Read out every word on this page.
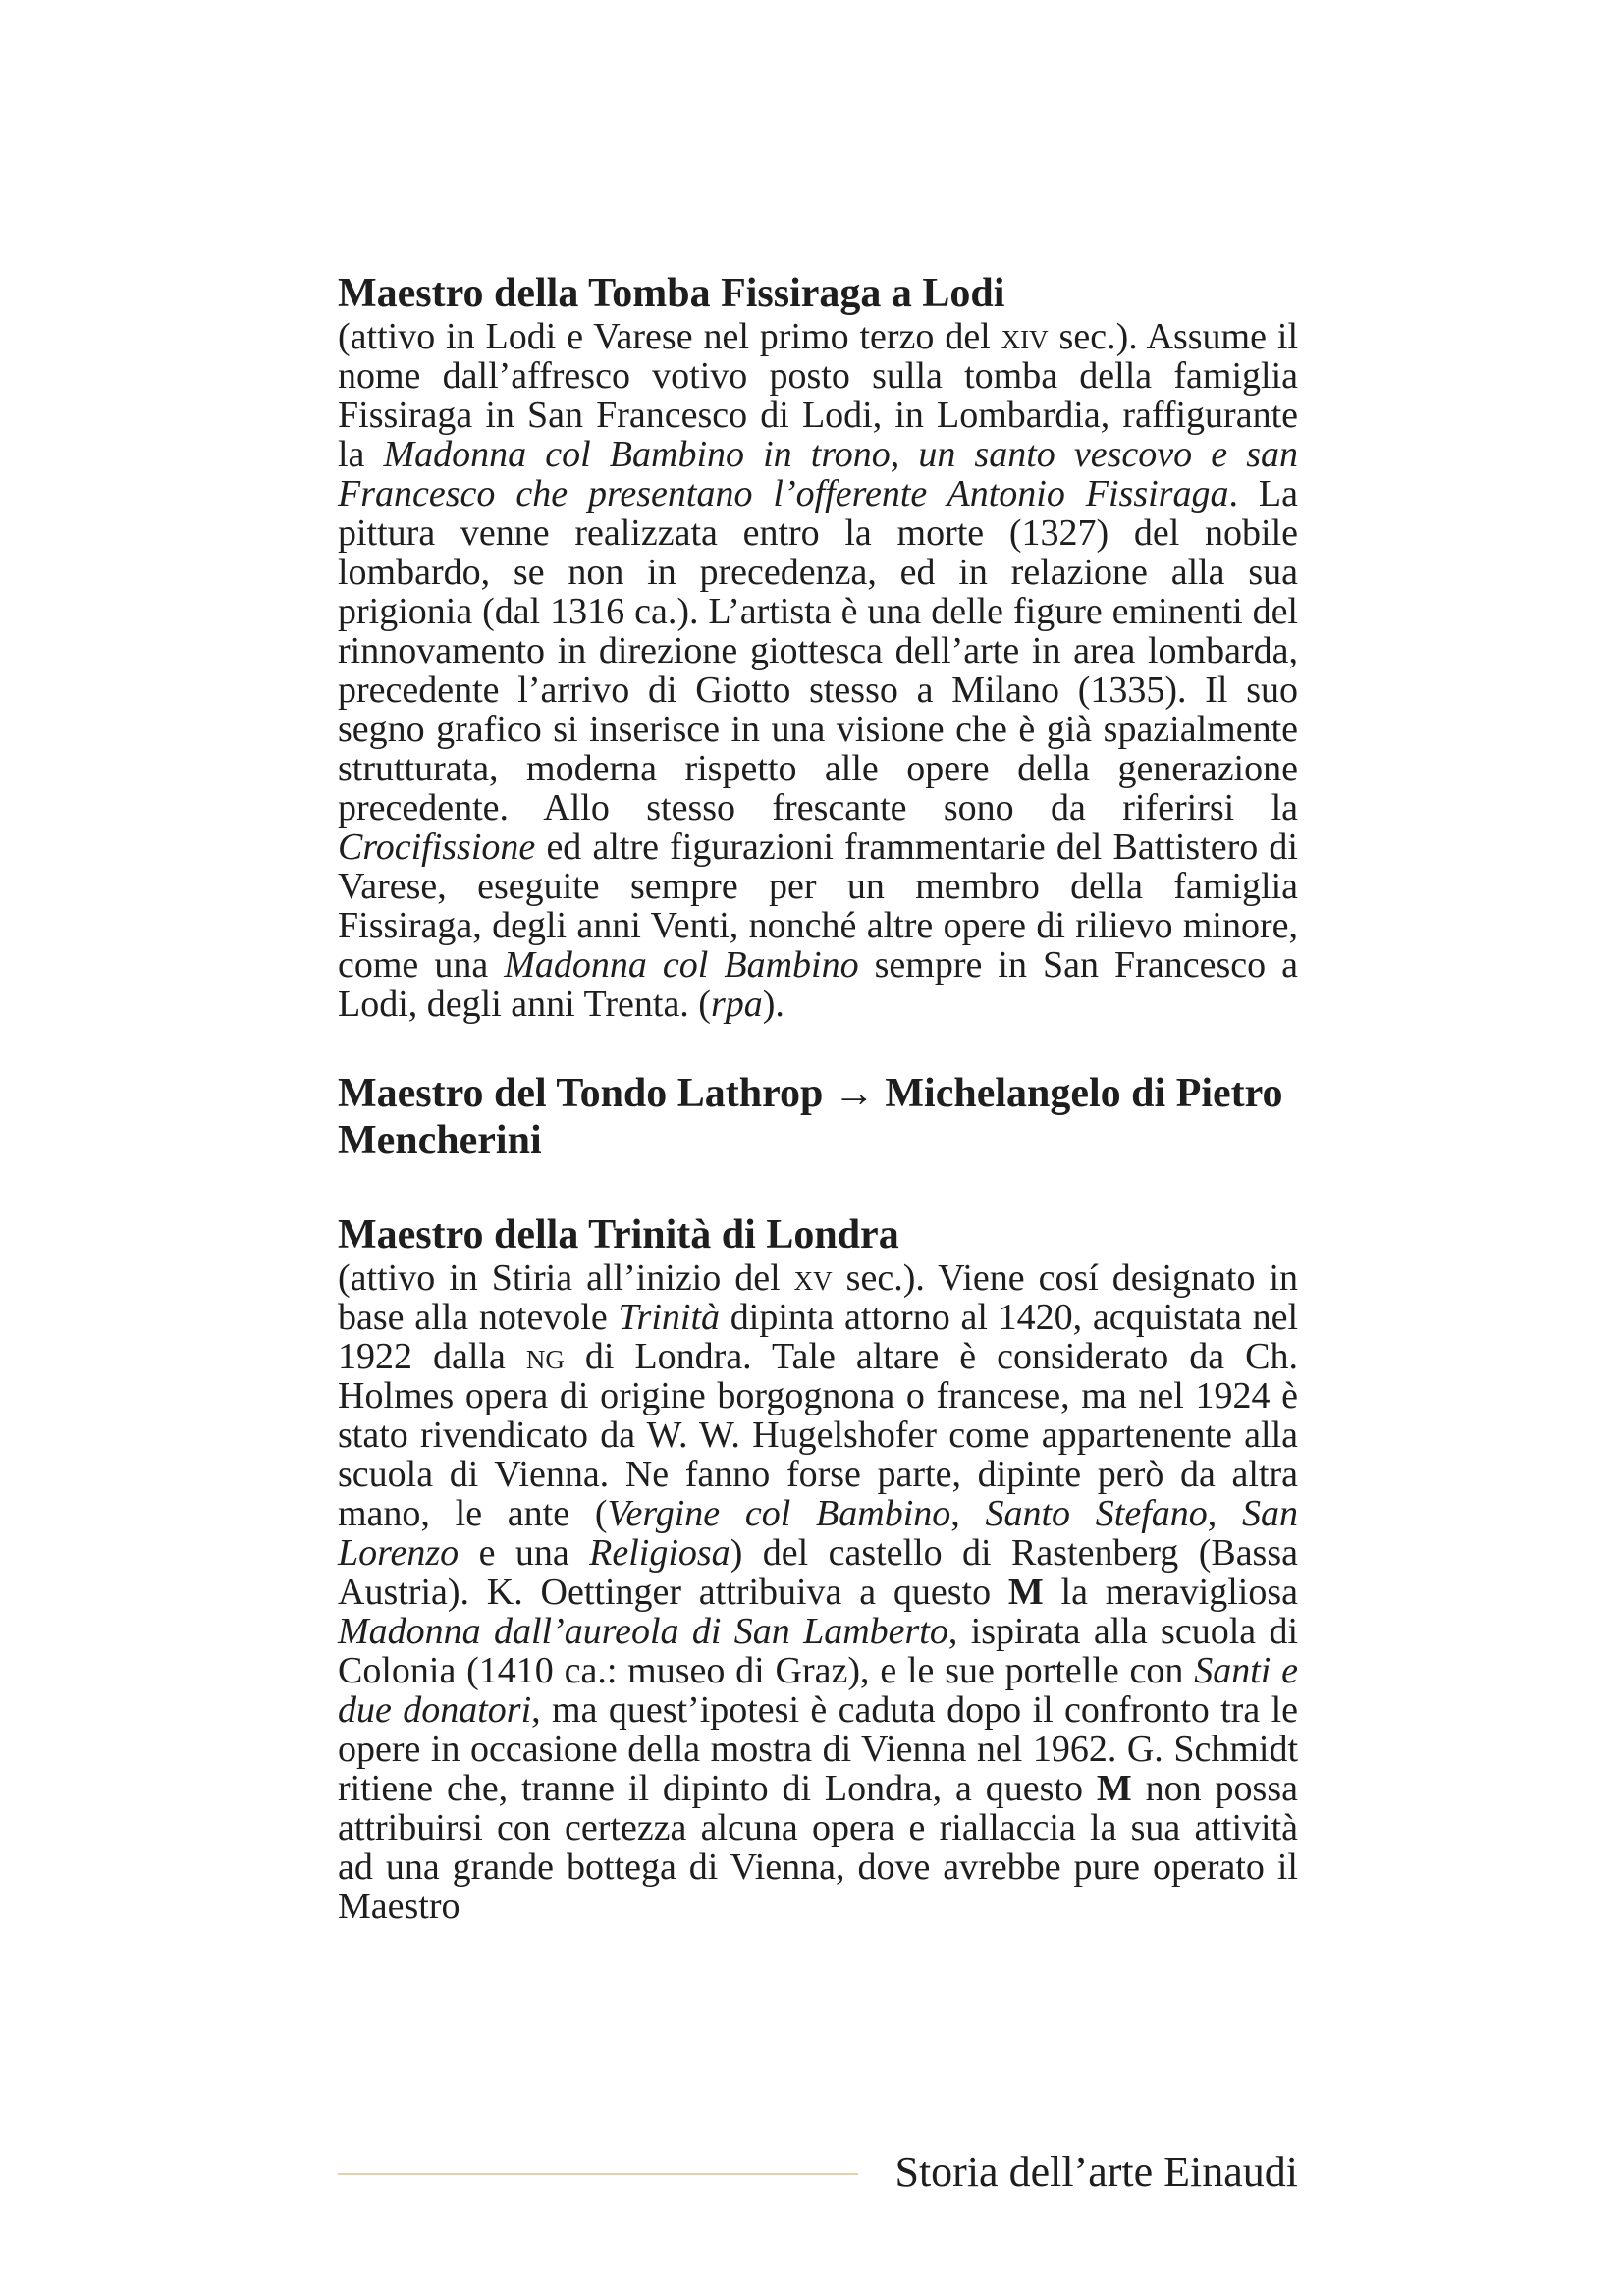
Maestro della Tomba Fissiraga a Lodi

(attivo in Lodi e Varese nel primo terzo del xiv sec.). Assume il nome dall’affresco votivo posto sulla tomba della famiglia Fissiraga in San Francesco di Lodi, in Lombardia, raffigurante la Madonna col Bambino in trono, un santo vescovo e san Francesco che presentano l’offerente Antonio Fissiraga. La pittura venne realizzata entro la morte (1327) del nobile lombardo, se non in precedenza, ed in relazione alla sua prigionia (dal 1316 ca.). L’artista è una delle figure eminenti del rinnovamento in direzione giottesca dell’arte in area lombarda, precedente l’arrivo di Giotto stesso a Milano (1335). Il suo segno grafico si inserisce in una visione che è già spazialmente strutturata, moderna rispetto alle opere della generazione precedente. Allo stesso frescante sono da riferirsi la Crocifissione ed altre figurazioni frammentarie del Battistero di Varese, eseguite sempre per un membro della famiglia Fissiraga, degli anni Venti, nonché altre opere di rilievo minore, come una Madonna col Bambino sempre in San Francesco a Lodi, degli anni Trenta. (rpa).

Maestro del Tondo Lathrop → Michelangelo di Pietro Mencherini
Maestro della Trinità di Londra

(attivo in Stiria all’inizio del xv sec.). Viene cosí designato in base alla notevole Trinità dipinta attorno al 1420, acquistata nel 1922 dalla ng di Londra. Tale altare è considerato da Ch. Holmes opera di origine borgognona o francese, ma nel 1924 è stato rivendicato da W. W. Hugelshofer come appartenente alla scuola di Vienna. Ne fanno forse parte, dipinte però da altra mano, le ante (Vergine col Bambino, Santo Stefano, San Lorenzo e una Religiosa) del castello di Rastenberg (Bassa Austria). K. Oettinger attribuiva a questo M la meravigliosa Madonna dall’aureola di San Lamberto, ispirata alla scuola di Colonia (1410 ca.: museo di Graz), e le sue portelle con Santi e due donatori, ma quest’ipotesi è caduta dopo il confronto tra le opere in occasione della mostra di Vienna nel 1962. G. Schmidt ritiene che, tranne il dipinto di Londra, a questo M non possa attribuirsi con certezza alcuna opera e riallaccia la sua attività ad una grande bottega di Vienna, dove avrebbe pure operato il Maestro

Storia dell’arte Einaudi
